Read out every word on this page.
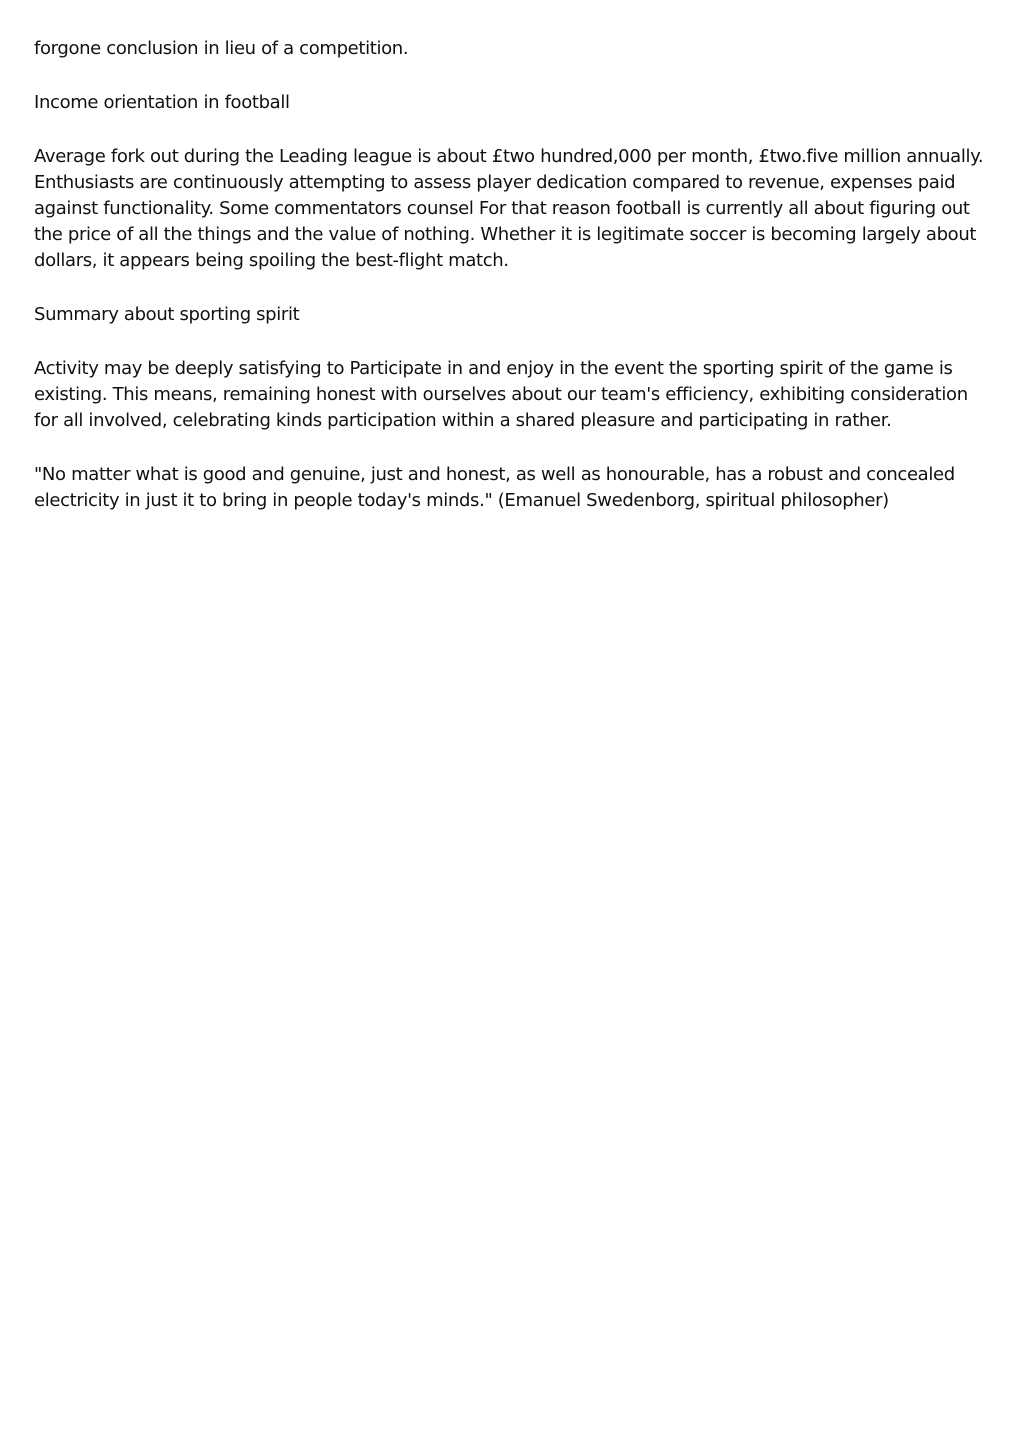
forgone conclusion in lieu of a competition.

Income orientation in football

Average fork out during the Leading league is about £two hundred,000 per month, £two.five million annually. Enthusiasts are continuously attempting to assess player dedication compared to revenue, expenses paid against functionality. Some commentators counsel For that reason football is currently all about figuring out the price of all the things and the value of nothing. Whether it is legitimate soccer is becoming largely about dollars, it appears being spoiling the best-flight match.

Summary about sporting spirit

Activity may be deeply satisfying to Participate in and enjoy in the event the sporting spirit of the game is existing. This means, remaining honest with ourselves about our team's efficiency, exhibiting consideration for all involved, celebrating kinds participation within a shared pleasure and participating in rather.

"No matter what is good and genuine, just and honest, as well as honourable, has a robust and concealed electricity in just it to bring in people today's minds." (Emanuel Swedenborg, spiritual philosopher)
